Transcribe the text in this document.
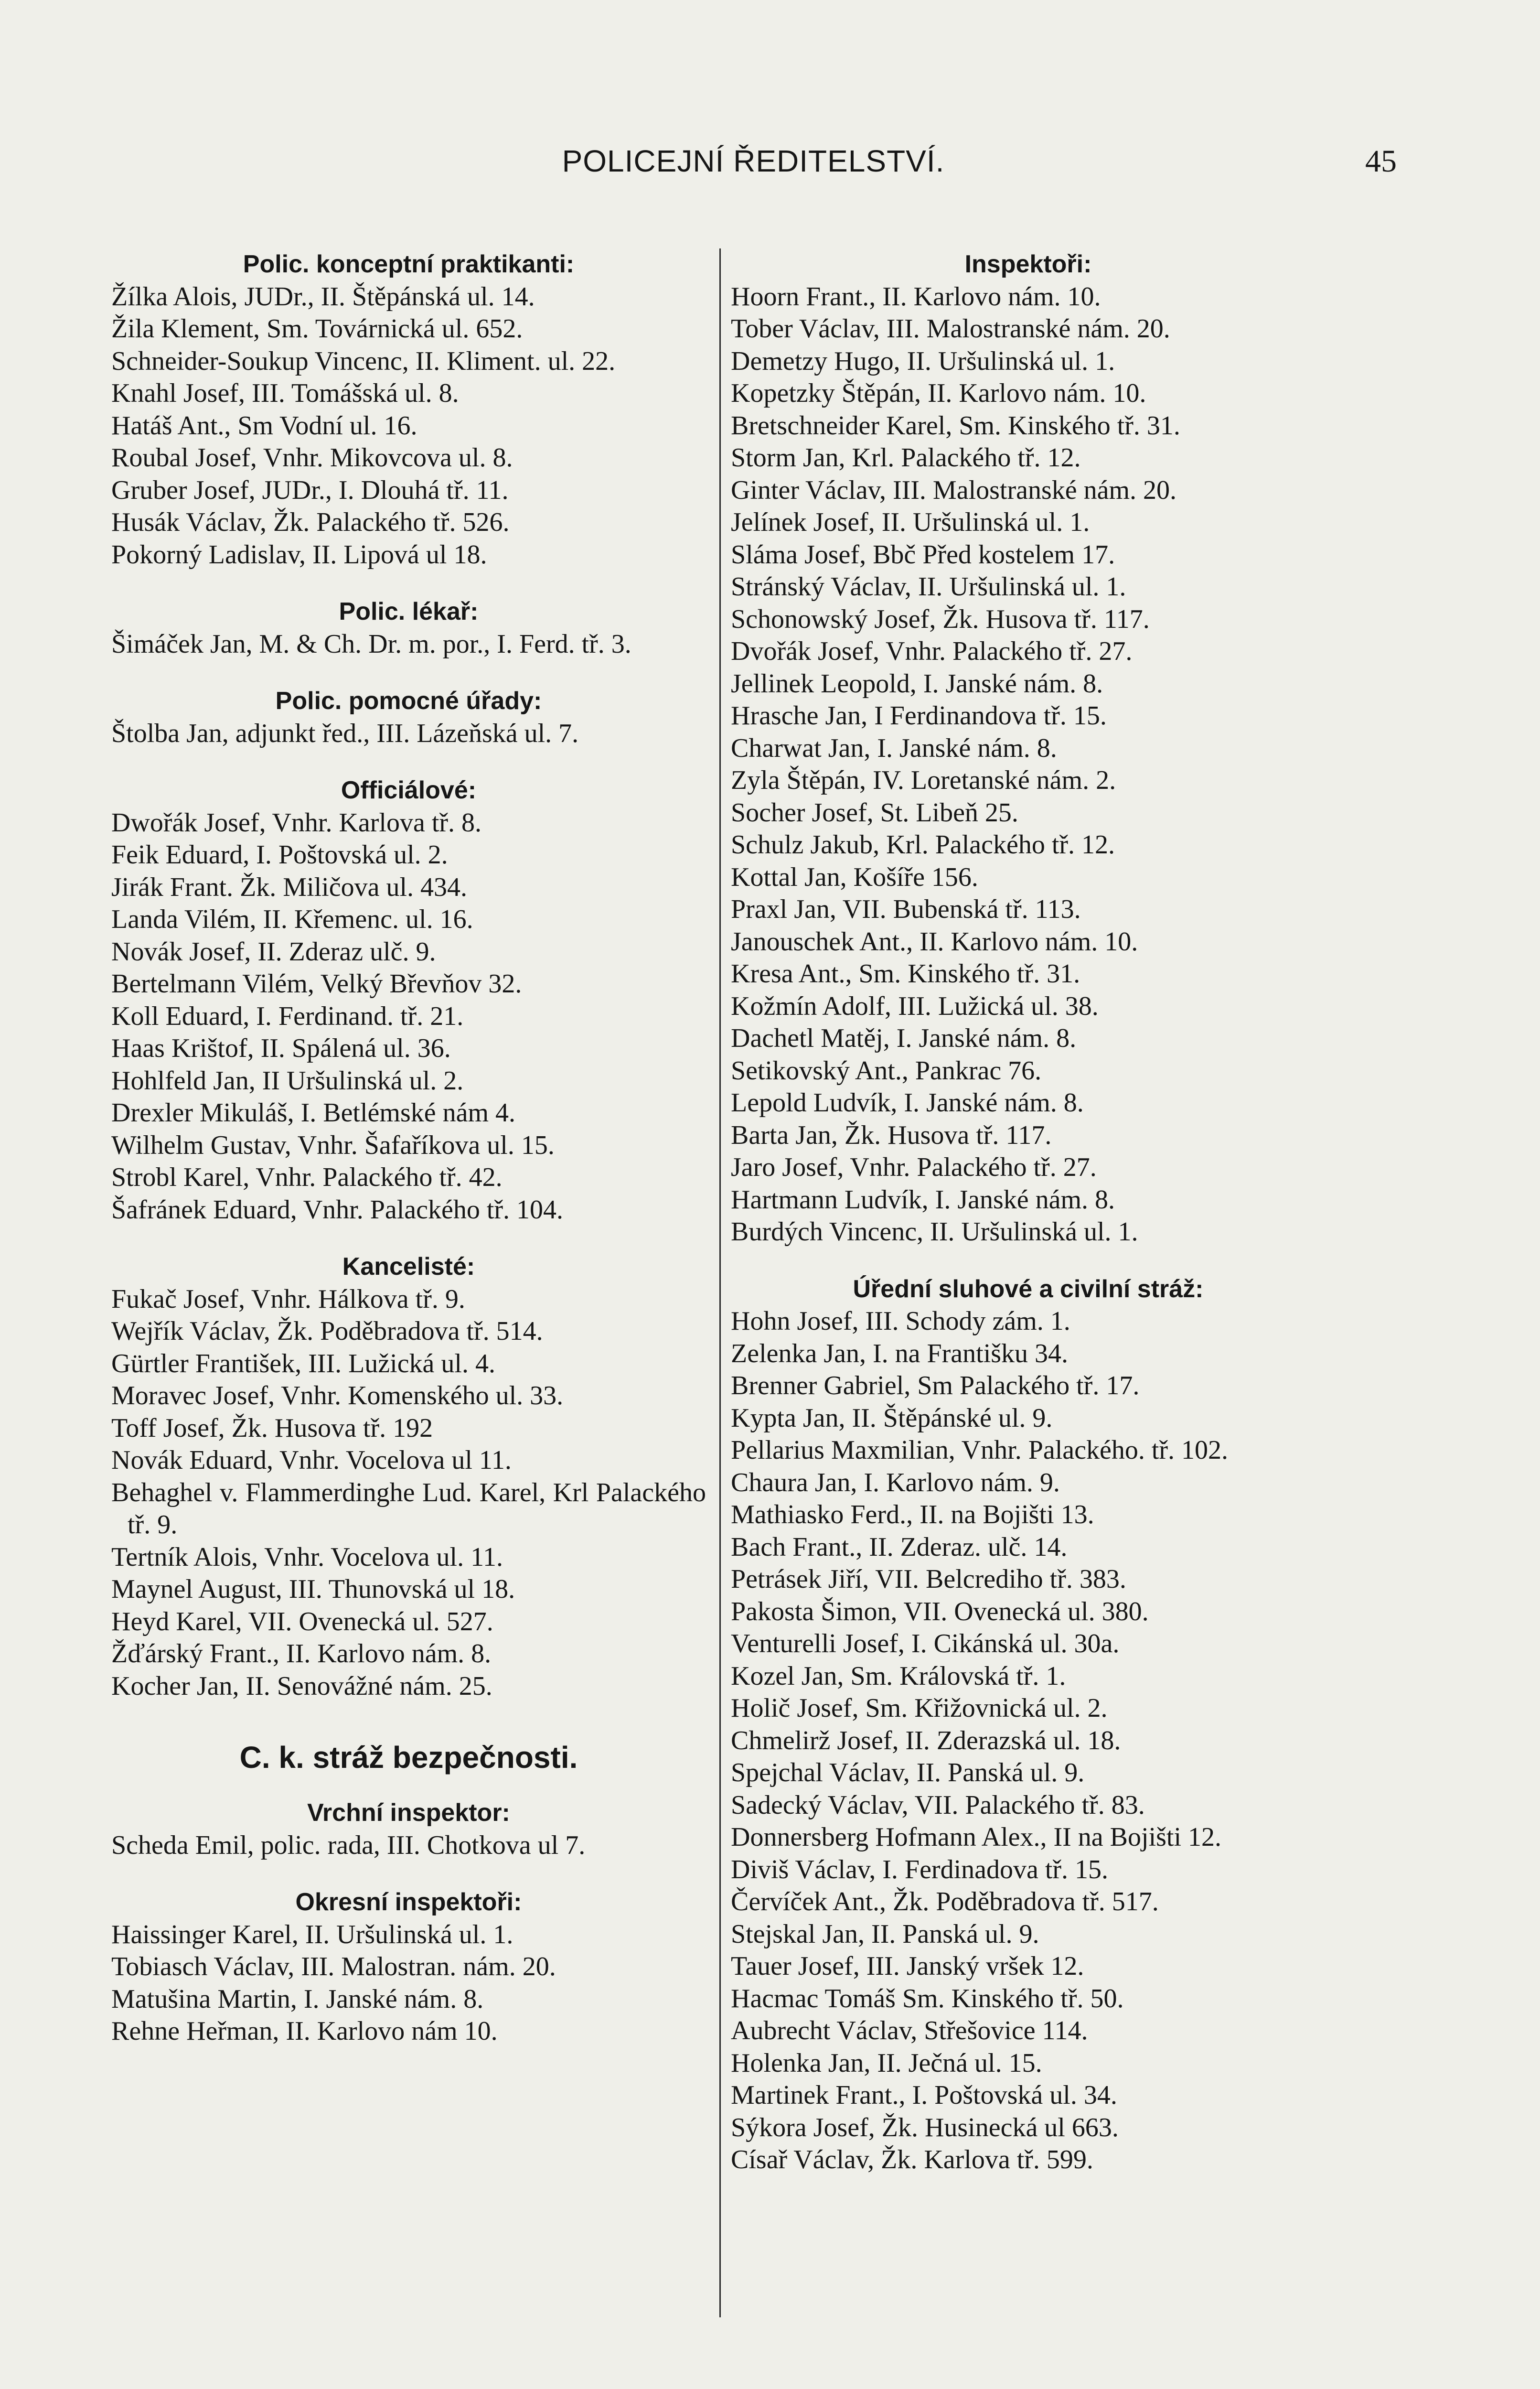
POLICEJNÍ ŘEDITELSTVÍ.	45
Polic. konceptní praktikanti:
Žílka Alois, JUDr., II. Štěpánská ul. 14.
Žila Klement, Sm. Továrnická ul. 652.
Schneider-Soukup Vincenc, II. Kliment. ul. 22.
Knahl Josef, III. Tomášská ul. 8.
Hatáš Ant., Sm Vodní ul. 16.
Roubal Josef, Vnhr. Mikovcova ul. 8.
Gruber Josef, JUDr., I. Dlouhá tř. 11.
Husák Václav, Žk. Palackého tř. 526.
Pokorný Ladislav, II. Lipová ul 18.
Polic. lékař:
Šimáček Jan, M. & Ch. Dr. m. por., I. Ferd. tř. 3.
Polic. pomocné úřady:
Štolba Jan, adjunkt řed., III. Lázeňská ul. 7.
Officiálové:
Dwořák Josef, Vnhr. Karlova tř. 8.
Feik Eduard, I. Poštovská ul. 2.
Jirák Frant. Žk. Miličova ul. 434.
Landa Vilém, II. Křemenc. ul. 16.
Novák Josef, II. Zderaz ulč. 9.
Bertelmann Vilém, Velký Břevňov 32.
Koll Eduard, I. Ferdinand. tř. 21.
Haas Krištof, II. Spálená ul. 36.
Hohlfeld Jan, II Uršulinská ul. 2.
Drexler Mikuláš, I. Betlémské nám 4.
Wilhelm Gustav, Vnhr. Šafaříkova ul. 15.
Strobl Karel, Vnhr. Palackého tř. 42.
Šafránek Eduard, Vnhr. Palackého tř. 104.
Kancelisté:
Fukač Josef, Vnhr. Hálkova tř. 9.
Wejřík Václav, Žk. Poděbradova tř. 514.
Gürtler František, III. Lužická ul. 4.
Moravec Josef, Vnhr. Komenského ul. 33.
Toff Josef, Žk. Husova tř. 192
Novák Eduard, Vnhr. Vocelova ul 11.
Behaghel v. Flammerdinghe Lud. Karel, Krl Palackého tř. 9.
Tertník Alois, Vnhr. Vocelova ul. 11.
Maynel August, III. Thunovská ul 18.
Heyd Karel, VII. Ovenecká ul. 527.
Žďárský Frant., II. Karlovo nám. 8.
Kocher Jan, II. Senovážné nám. 25.
C. k. stráž bezpečnosti.
Vrchní inspektor:
Scheda Emil, polic. rada, III. Chotkova ul 7.
Okresní inspektoři:
Haissinger Karel, II. Uršulinská ul. 1.
Tobiasch Václav, III. Malostran. nám. 20.
Matušina Martin, I. Janské nám. 8.
Rehne Heřman, II. Karlovo nám 10.
Inspektoři:
Hoorn Frant., II. Karlovo nám. 10.
Tober Václav, III. Malostranské nám. 20.
Demetzy Hugo, II. Uršulinská ul. 1.
Kopetzky Štěpán, II. Karlovo nám. 10.
Bretschneider Karel, Sm. Kinského tř. 31.
Storm Jan, Krl. Palackého tř. 12.
Ginter Václav, III. Malostranské nám. 20.
Jelínek Josef, II. Uršulinská ul. 1.
Sláma Josef, Bbč Před kostelem 17.
Stránský Václav, II. Uršulinská ul. 1.
Schonowský Josef, Žk. Husova tř. 117.
Dvořák Josef, Vnhr. Palackého tř. 27.
Jellinek Leopold, I. Janské nám. 8.
Hrasche Jan, I Ferdinandova tř. 15.
Charwat Jan, I. Janské nám. 8.
Zyla Štěpán, IV. Loretanské nám. 2.
Socher Josef, St. Libeň 25.
Schulz Jakub, Krl. Palackého tř. 12.
Kottal Jan, Košíře 156.
Praxl Jan, VII. Bubenská tř. 113.
Janouschek Ant., II. Karlovo nám. 10.
Kresa Ant., Sm. Kinského tř. 31.
Kožmín Adolf, III. Lužická ul. 38.
Dachetl Matěj, I. Janské nám. 8.
Setikovský Ant., Pankrac 76.
Lepold Ludvík, I. Janské nám. 8.
Barta Jan, Žk. Husova tř. 117.
Jaro Josef, Vnhr. Palackého tř. 27.
Hartmann Ludvík, I. Janské nám. 8.
Burdých Vincenc, II. Uršulinská ul. 1.
Úřední sluhové a civilní stráž:
Hohn Josef, III. Schody zám. 1.
Zelenka Jan, I. na Františku 34.
Brenner Gabriel, Sm Palackého tř. 17.
Kypta Jan, II. Štěpánské ul. 9.
Pellarius Maxmilian, Vnhr. Palackého. tř. 102.
Chaura Jan, I. Karlovo nám. 9.
Mathiasko Ferd., II. na Bojišti 13.
Bach Frant., II. Zderaz. ulč. 14.
Petrásek Jiří, VII. Belcrediho tř. 383.
Pakosta Šimon, VII. Ovenecká ul. 380.
Venturelli Josef, I. Cikánská ul. 30a.
Kozel Jan, Sm. Královská tř. 1.
Holič Josef, Sm. Křižovnická ul. 2.
Chmelirž Josef, II. Zderazská ul. 18.
Spejchal Václav, II. Panská ul. 9.
Sadecký Václav, VII. Palackého tř. 83.
Donnersberg Hofmann Alex., II na Bojišti 12.
Diviš Václav, I. Ferdinadova tř. 15.
Červíček Ant., Žk. Poděbradova tř. 517.
Stejskal Jan, II. Panská ul. 9.
Tauer Josef, III. Janský vršek 12.
Hacmac Tomáš Sm. Kinského tř. 50.
Aubrecht Václav, Střešovice 114.
Holenka Jan, II. Ječná ul. 15.
Martinek Frant., I. Poštovská ul. 34.
Sýkora Josef, Žk. Husinecká ul 663.
Císař Václav, Žk. Karlova tř. 599.
